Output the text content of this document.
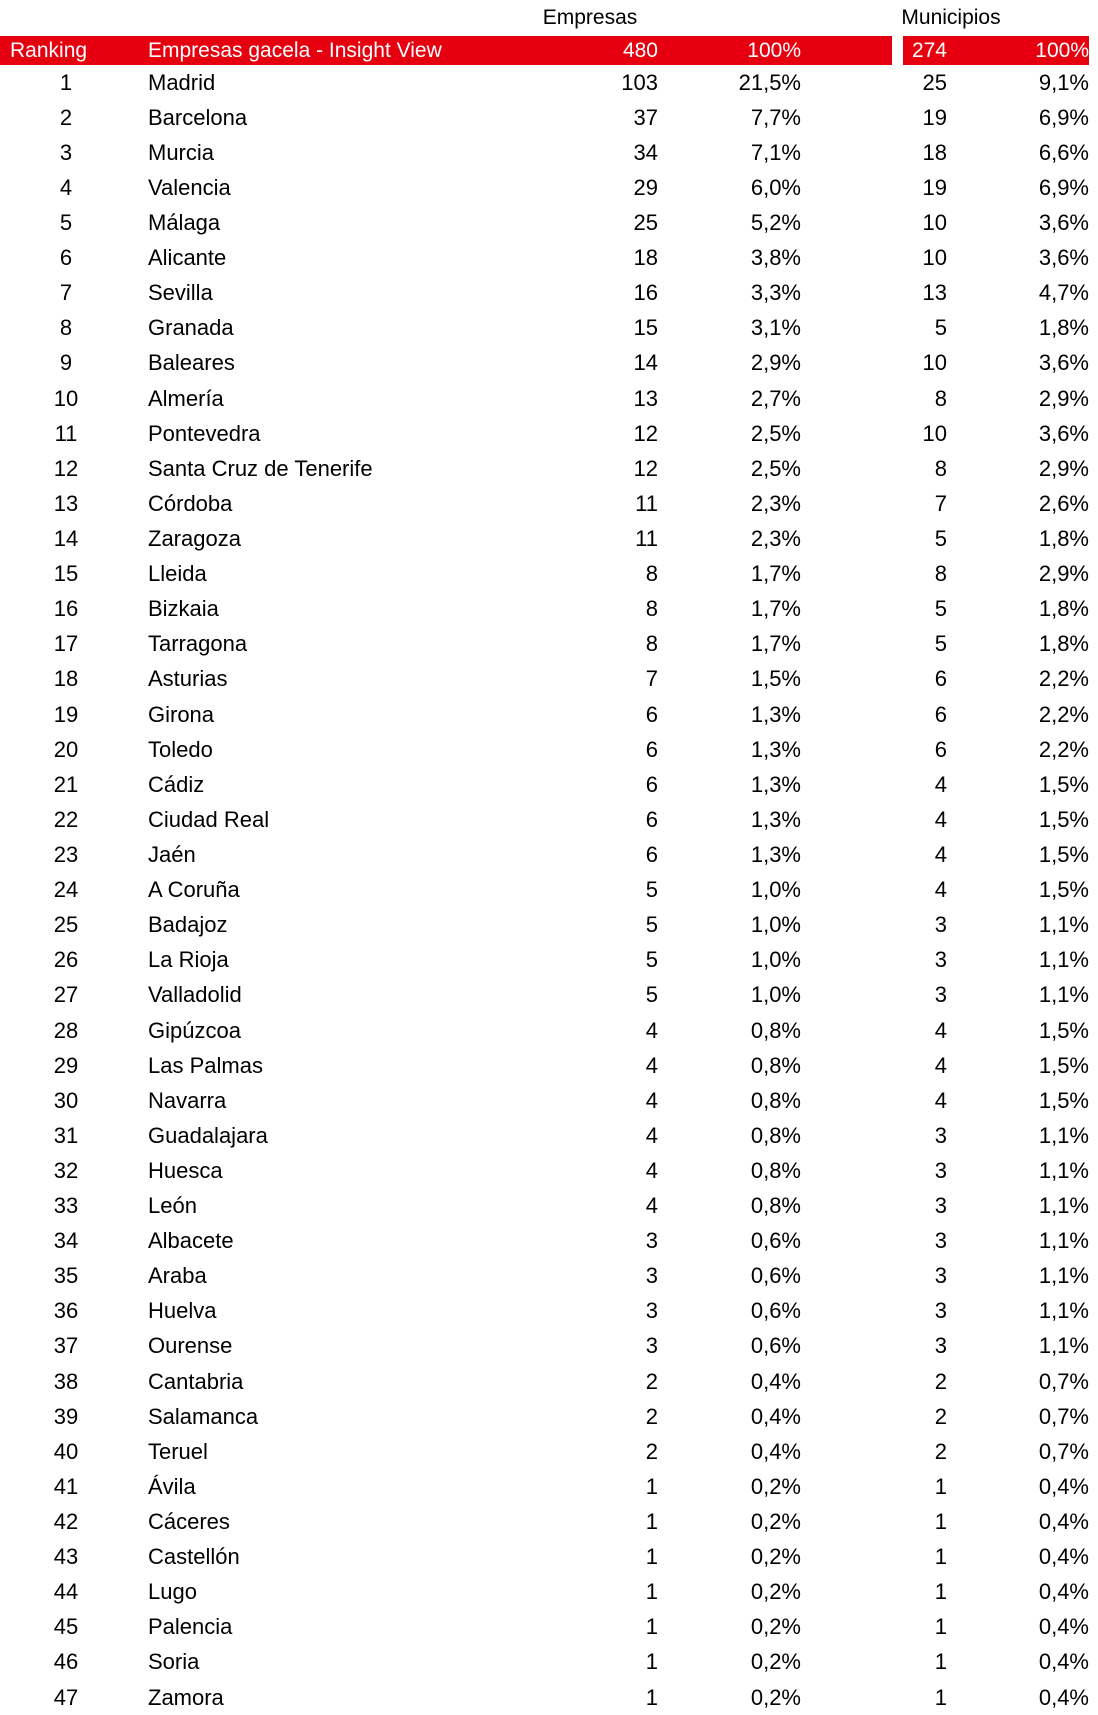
Empresas	Municipios
Ranking	Empresas gacela - Insight View	480	100%	274	100%
1	Madrid	103	21,5%	25	9,1%
2	Barcelona	37	7,7%	19	6,9%
3	Murcia	34	7,1%	18	6,6%
4	Valencia	29	6,0%	19	6,9%
5	Málaga	25	5,2%	10	3,6%
6	Alicante	18	3,8%	10	3,6%
7	Sevilla	16	3,3%	13	4,7%
8	Granada	15	3,1%	5	1,8%
9	Baleares	14	2,9%	10	3,6%
10	Almería	13	2,7%	8	2,9%
11	Pontevedra	12	2,5%	10	3,6%
12	Santa Cruz de Tenerife	12	2,5%	8	2,9%
13	Córdoba	11	2,3%	7	2,6%
14	Zaragoza	11	2,3%	5	1,8%
15	Lleida	8	1,7%	8	2,9%
16	Bizkaia	8	1,7%	5	1,8%
17	Tarragona	8	1,7%	5	1,8%
18	Asturias	7	1,5%	6	2,2%
19	Girona	6	1,3%	6	2,2%
20	Toledo	6	1,3%	6	2,2%
21	Cádiz	6	1,3%	4	1,5%
22	Ciudad Real	6	1,3%	4	1,5%
23	Jaén	6	1,3%	4	1,5%
24	A Coruña	5	1,0%	4	1,5%
25	Badajoz	5	1,0%	3	1,1%
26	La Rioja	5	1,0%	3	1,1%
27	Valladolid	5	1,0%	3	1,1%
28	Gipúzcoa	4	0,8%	4	1,5%
29	Las Palmas	4	0,8%	4	1,5%
30	Navarra	4	0,8%	4	1,5%
31	Guadalajara	4	0,8%	3	1,1%
32	Huesca	4	0,8%	3	1,1%
33	León	4	0,8%	3	1,1%
34	Albacete	3	0,6%	3	1,1%
35	Araba	3	0,6%	3	1,1%
36	Huelva	3	0,6%	3	1,1%
37	Ourense	3	0,6%	3	1,1%
38	Cantabria	2	0,4%	2	0,7%
39	Salamanca	2	0,4%	2	0,7%
40	Teruel	2	0,4%	2	0,7%
41	Ávila	1	0,2%	1	0,4%
42	Cáceres	1	0,2%	1	0,4%
43	Castellón	1	0,2%	1	0,4%
44	Lugo	1	0,2%	1	0,4%
45	Palencia	1	0,2%	1	0,4%
46	Soria	1	0,2%	1	0,4%
47	Zamora	1	0,2%	1	0,4%
